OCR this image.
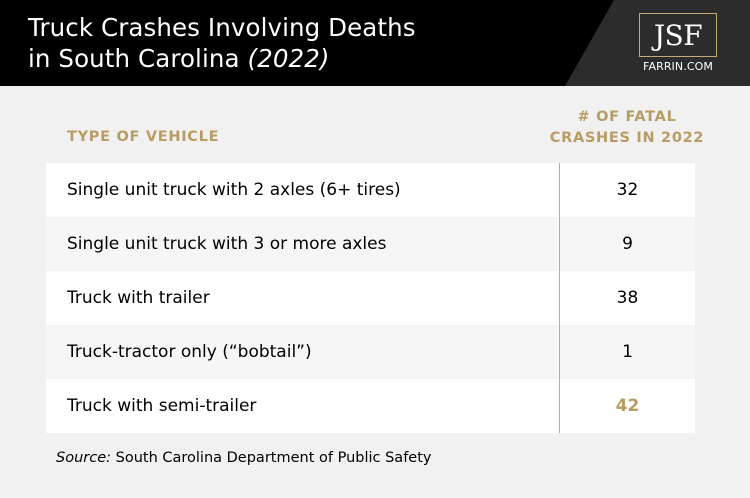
Truck Crashes Involving Deaths
in South Carolina (2022)
JSF
FARRIN.COM
TYPE OF VEHICLE
# OF FATAL
CRASHES IN 2022
Single unit truck with 2 axles (6+ tires)	32
Single unit truck with 3 or more axles	9
Truck with trailer	38
Truck-tractor only (“bobtail”)	1
Truck with semi-trailer	42
Source: South Carolina Department of Public Safety
